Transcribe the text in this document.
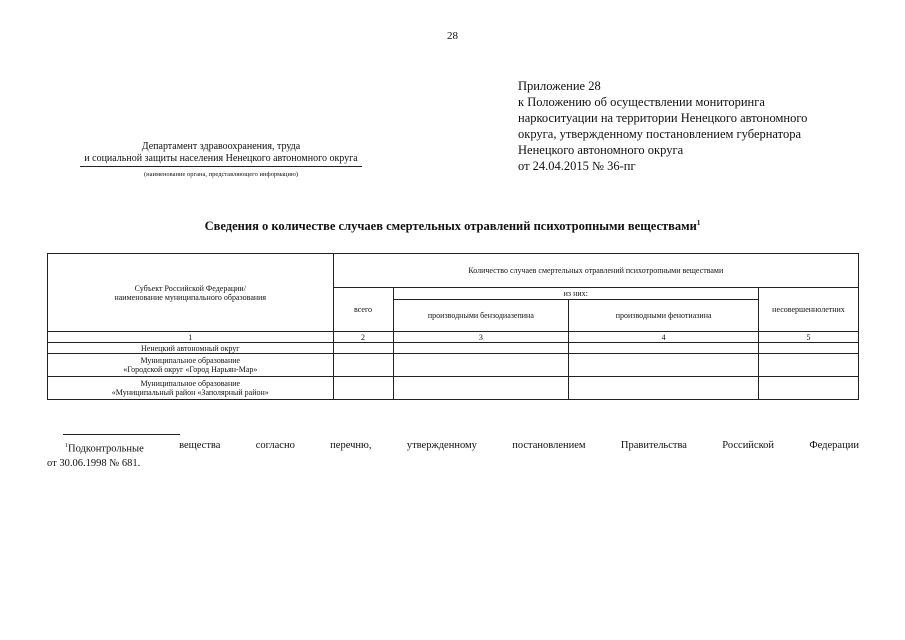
28
Приложение 28
к Положению об осуществлении мониторинга
наркоситуации на территории Ненецкого автономного
округа, утвержденному постановлением губернатора
Ненецкого автономного округа
от 24.04.2015 № 36-пг
Департамент здравоохранения, труда
и социальной защиты населения Ненецкого автономного округа
(наименование органа, представляющего информацию)
Сведения о количестве случаев смертельных отравлений психотропными веществами$^1$
Субъект Российской Федерации/
наименование муниципального образования	Количество случаев смертельных отравлений психотропными веществами			
	всего	из них:		несовершеннолетних
		производными бензодиазепина	производными фенотиазина	
1	2	3	4	5
Ненецкий автономный округ				

Муниципальное образование
«Городской округ «Город Нарьян-Мар»				

Муниципальное образование
«Муниципальный район «Заполярный район»				

$^1$Подконтрольные	вещества	согласно	перечню,	утвержденному	постановлением	Правительства	Российской	Федерации
от 30.06.1998 № 681.
